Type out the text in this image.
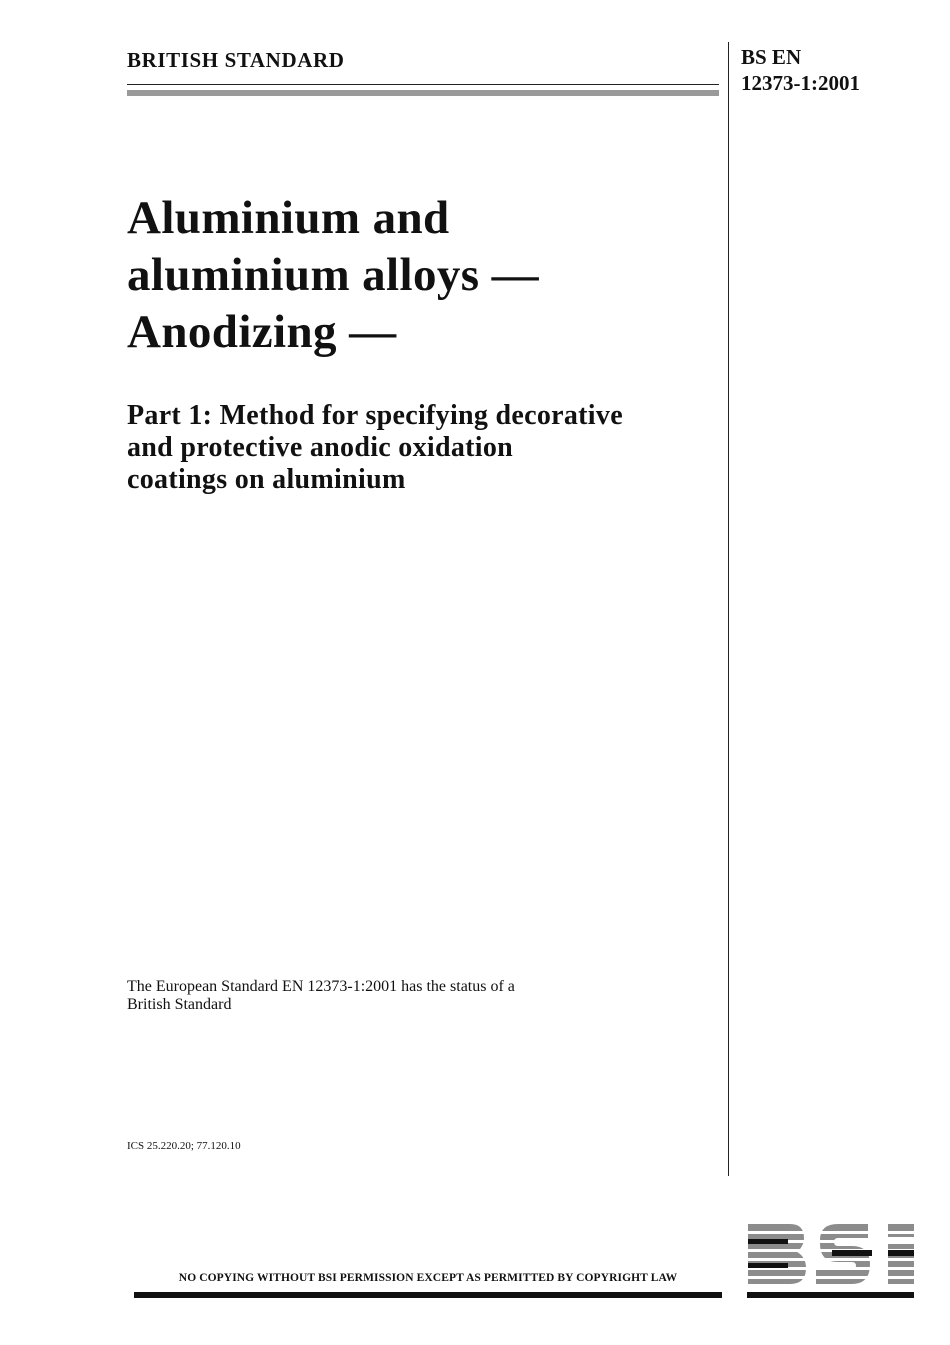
BRITISH STANDARD	BS EN
12373-1:2001
Aluminium and
aluminium alloys —
Anodizing —
Part 1: Method for specifying decorative
and protective anodic oxidation
coatings on aluminium
The European Standard EN 12373-1:2001 has the status of a
British Standard
ICS 25.220.20; 77.120.10
NO COPYING WITHOUT BSI PERMISSION EXCEPT AS PERMITTED BY COPYRIGHT LAW
